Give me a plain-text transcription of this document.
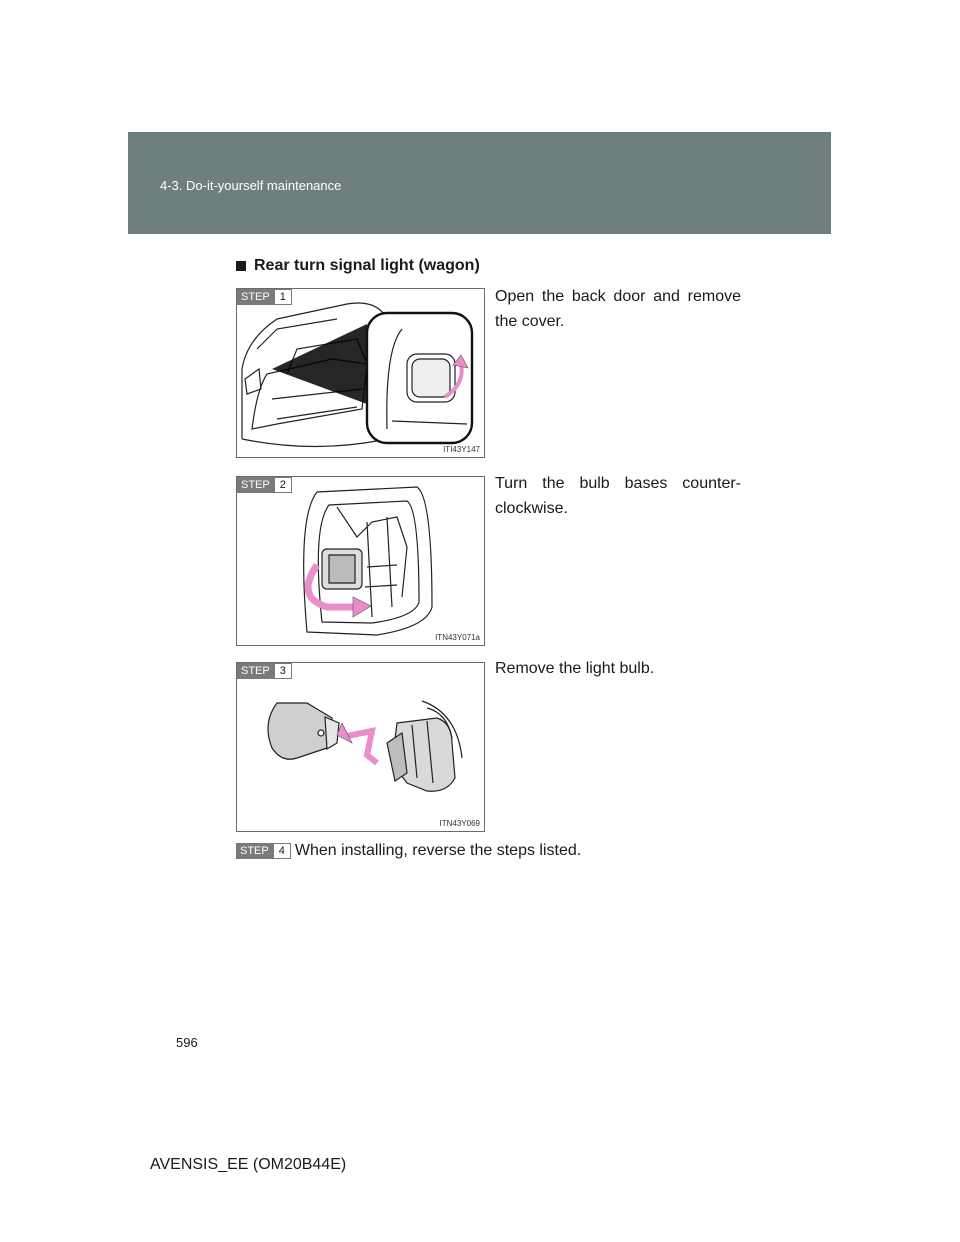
4-3. Do-it-yourself maintenance
Rear turn signal light (wagon)
STEP 1
ITI43Y147
Open the back door and remove the cover.
STEP 2
ITN43Y071a
Turn the bulb bases counter-clockwise.
STEP 3
ITN43Y069
Remove the light bulb.
STEP 4 When installing, reverse the steps listed.
596
AVENSIS_EE (OM20B44E)
